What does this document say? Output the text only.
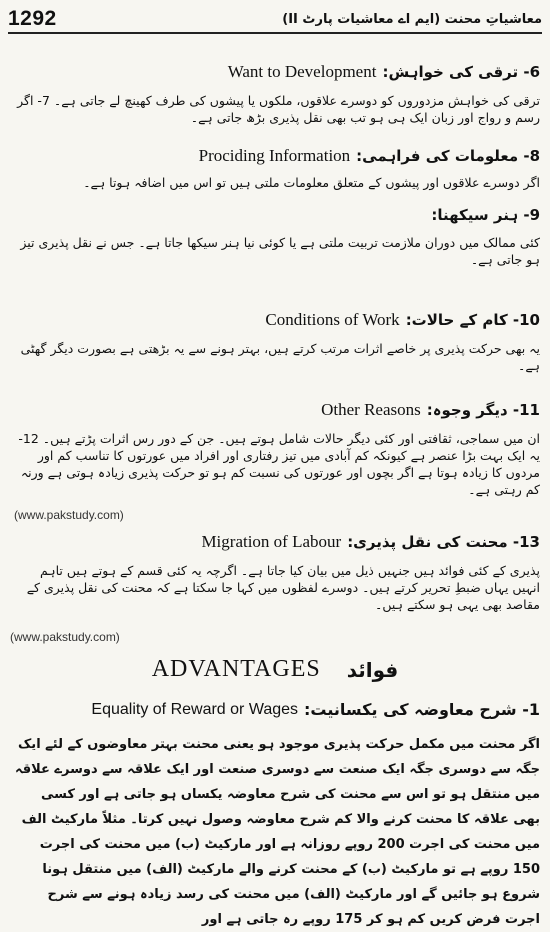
1292	معاشیاتِ محنت (ایم اے معاشیات پارٹ II)
Want to Development 6- ترقی کی خواہش:
ترقی کی خواہش مزدوروں کو دوسرے علاقوں، ملکوں یا پیشوں کی طرف کھینچ لے جاتی ہے۔ 7- اگر رسم و رواج اور زبان ایک ہی ہو تب بھی نقل پذیری بڑھ جاتی ہے۔
Prociding Information 8- معلومات کی فراہمی:
اگر دوسرے علاقوں اور پیشوں کے متعلق معلومات ملتی ہیں تو اس میں اضافہ ہوتا ہے۔
9- ہنر سیکھنا:
کئی ممالک میں دوران ملازمت تربیت ملتی ہے یا کوئی نیا ہنر سیکھا جاتا ہے۔ جس نے نقل پذیری تیز ہو جاتی ہے۔
Conditions of Work 10- کام کے حالات:
یہ بھی حرکت پذیری پر خاصے اثرات مرتب کرتے ہیں، بہتر ہونے سے یہ بڑھتی ہے بصورت دیگر گھٹی ہے۔
Other Reasons 11- دیگر وجوہ:
ان میں سماجی، ثقافتی اور کئی دیگر حالات شامل ہوتے ہیں۔ جن کے دور رس اثرات پڑتے ہیں۔ 12- یہ ایک بہت بڑا عنصر ہے کیونکہ کم آبادی میں تیز رفتاری اور افراد میں عورتوں کا تناسب کم اور مردوں کا زیادہ ہوتا ہے اگر بچوں اور عورتوں کی نسبت کم ہو تو حرکت پذیری زیادہ ہوتی ہے ورنہ کم رہتی ہے۔
(www.pakstudy.com)
Migration of Labour 13- محنت کی نقل پذیری:
پذیری کے کئی فوائد ہیں جنہیں ذیل میں بیان کیا جاتا ہے۔ اگرچہ یہ کئی قسم کے ہوتے ہیں تاہم انہیں یہاں ضبطِ تحریر کرتے ہیں۔ دوسرے لفظوں میں کہا جا سکتا ہے کہ محنت کی نقل پذیری کے مقاصد بھی یہی ہو سکتے ہیں۔
(www.pakstudy.com)
ADVANTAGES فوائد
Equality of Reward or Wages 1- شرح معاوضہ کی یکسانیت:
اگر محنت میں مکمل حرکت پذیری موجود ہو یعنی محنت بہتر معاوضوں کے لئے ایک جگہ سے دوسری جگہ ایک صنعت سے دوسری صنعت اور ایک علاقہ سے دوسرے علاقہ میں منتقل ہو تو اس سے محنت کی شرح معاوضہ یکساں ہو جاتی ہے اور کسی بھی علاقہ کا محنت کرنے والا کم شرح معاوضہ وصول نہیں کرتا۔ مثلاً مارکیٹ الف میں محنت کی اجرت 200 روپے روزانہ ہے اور مارکیٹ (ب) میں محنت کی اجرت 150 روپے ہے تو مارکیٹ (ب) کے محنت کرنے والے مارکیٹ (الف) میں منتقل ہونا شروع ہو جائیں گے اور مارکیٹ (الف) میں محنت کی رسد زیادہ ہونے سے شرح اجرت فرض کریں کم ہو کر 175 روپے رہ جاتی ہے اور
